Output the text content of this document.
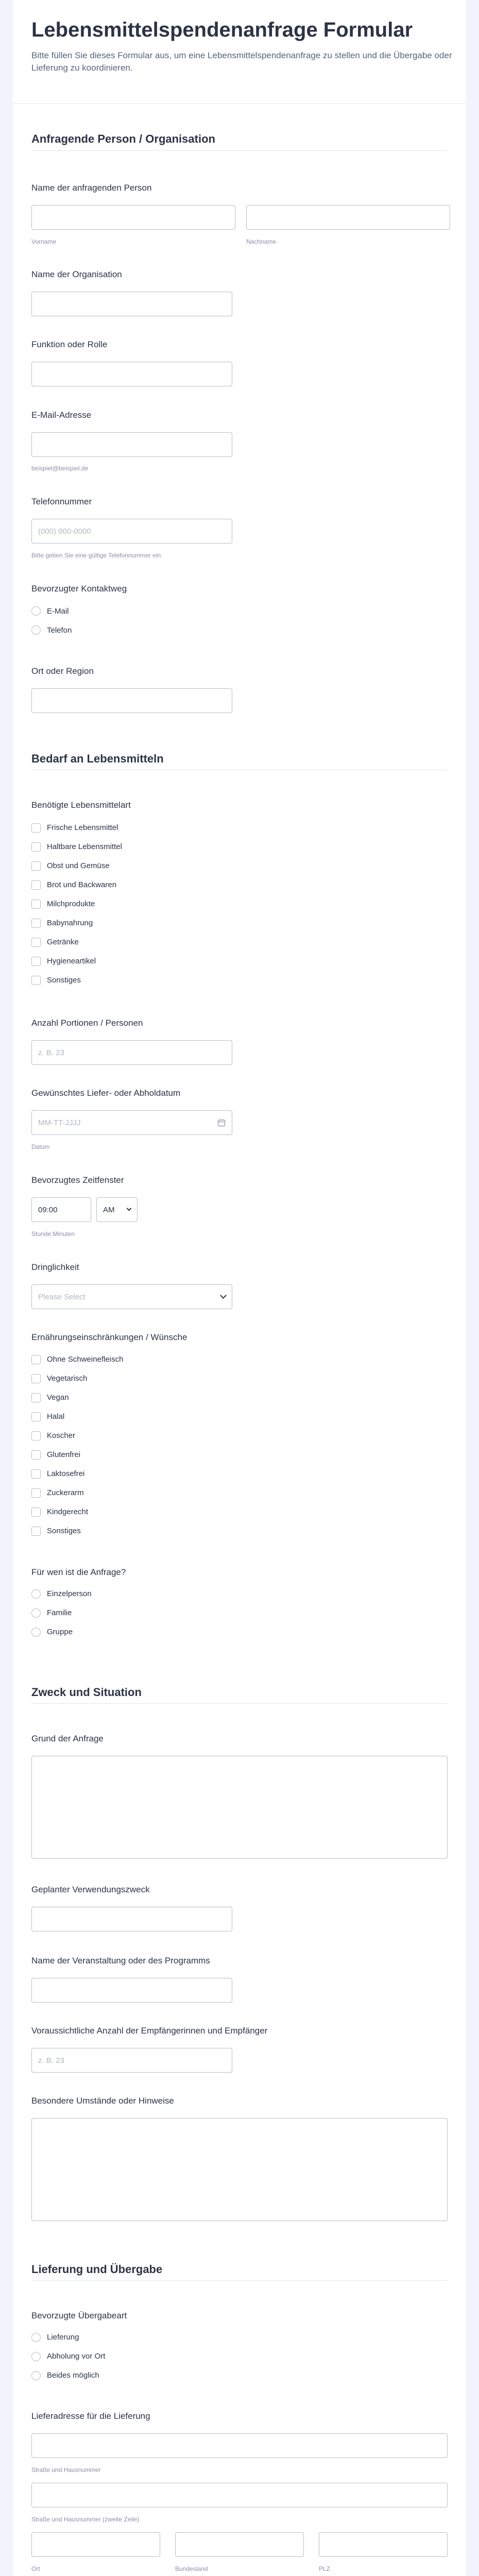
Lebensmittelspendenanfrage Formular
Bitte füllen Sie dieses Formular aus, um eine Lebensmittelspendenanfrage zu stellen und die Übergabe oder Lieferung zu koordinieren.
Anfragende Person / Organisation
Name der anfragenden Person
Vorname	Nachname
Name der Organisation
Funktion oder Rolle
E-Mail-Adresse
beispiel@beispiel.de
Telefonnummer
(000) 000-0000
Bitte geben Sie eine gültige Telefonnummer ein.
Bevorzugter Kontaktweg
E-Mail
Telefon
Ort oder Region
Bedarf an Lebensmitteln
Benötigte Lebensmittelart
Frische Lebensmittel
Haltbare Lebensmittel
Obst und Gemüse
Brot und Backwaren
Milchprodukte
Babynahrung
Getränke
Hygieneartikel
Sonstiges
Anzahl Portionen / Personen
z. B. 23
Gewünschtes Liefer- oder Abholdatum
MM-TT-JJJJ
Datum
Bevorzugtes Zeitfenster
09:00	AM
Stunde:Minuten
Dringlichkeit
Please Select
Ernährungseinschränkungen / Wünsche
Ohne Schweinefleisch
Vegetarisch
Vegan
Halal
Koscher
Glutenfrei
Laktosefrei
Zuckerarm
Kindgerecht
Sonstiges
Für wen ist die Anfrage?
Einzelperson
Familie
Gruppe
Zweck und Situation
Grund der Anfrage
Geplanter Verwendungszweck
Name der Veranstaltung oder des Programms
Voraussichtliche Anzahl der Empfängerinnen und Empfänger
z. B. 23
Besondere Umstände oder Hinweise
Lieferung und Übergabe
Bevorzugte Übergabeart
Lieferung
Abholung vor Ort
Beides möglich
Lieferadresse für die Lieferung
Straße und Hausnummer
Straße und Hausnummer (zweite Zeile)
Ort	Bundesland	PLZ
